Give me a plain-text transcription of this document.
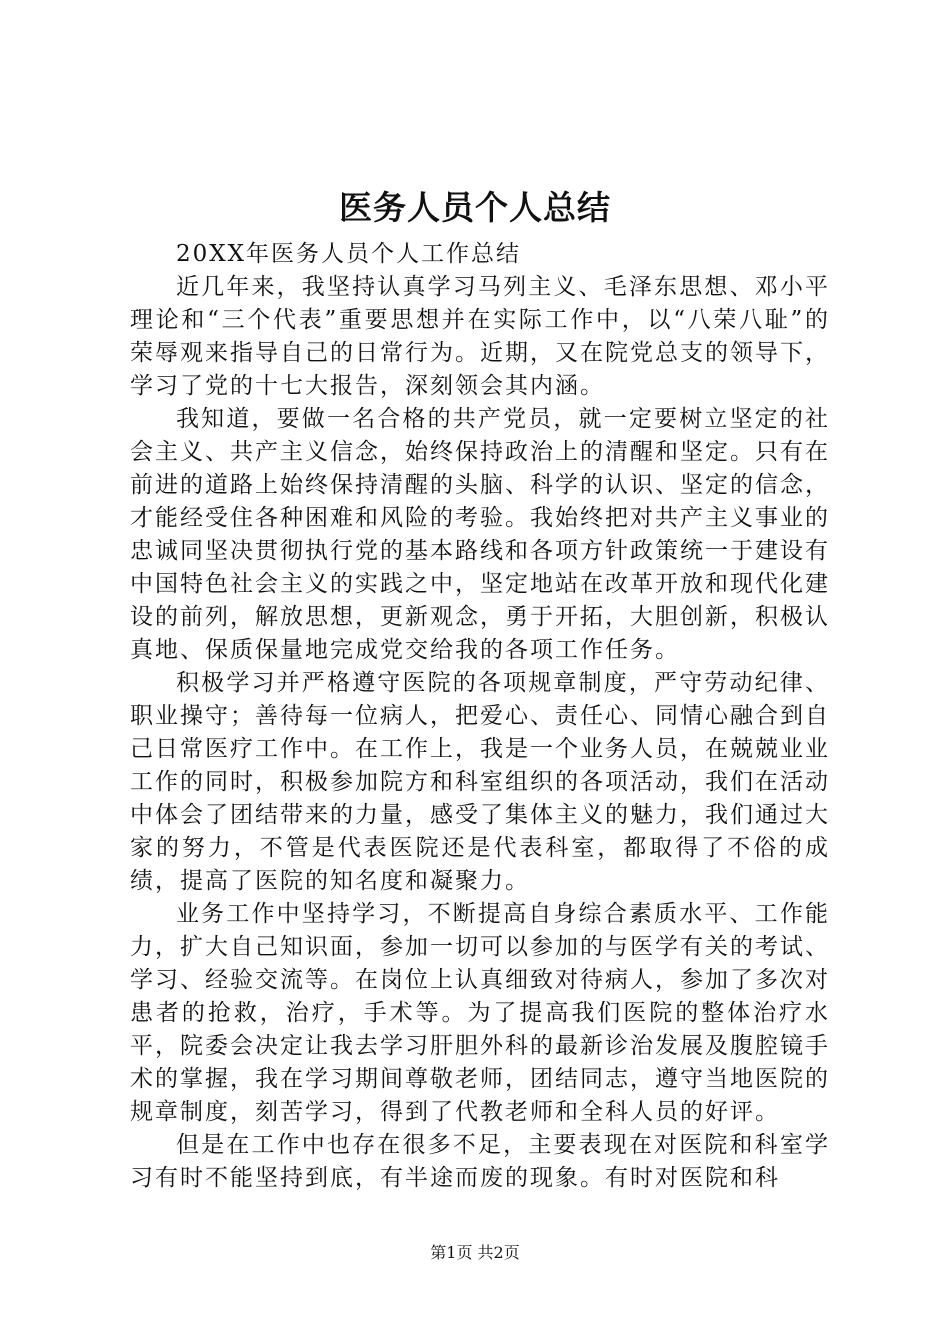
医务人员个人总结

20XX年医务人员个人工作总结

近几年来，我坚持认真学习马列主义、毛泽东思想、邓小平理论和“三个代表”重要思想并在实际工作中，以“八荣八耻”的荣辱观来指导自己的日常行为。近期，又在院党总支的领导下，学习了党的十七大报告，深刻领会其内涵。

我知道，要做一名合格的共产党员，就一定要树立坚定的社会主义、共产主义信念，始终保持政治上的清醒和坚定。只有在前进的道路上始终保持清醒的头脑、科学的认识、坚定的信念，才能经受住各种困难和风险的考验。我始终把对共产主义事业的忠诚同坚决贯彻执行党的基本路线和各项方针政策统一于建设有中国特色社会主义的实践之中，坚定地站在改革开放和现代化建设的前列，解放思想，更新观念，勇于开拓，大胆创新，积极认真地、保质保量地完成党交给我的各项工作任务。

积极学习并严格遵守医院的各项规章制度，严守劳动纪律、职业操守；善待每一位病人，把爱心、责任心、同情心融合到自己日常医疗工作中。在工作上，我是一个业务人员，在兢兢业业工作的同时，积极参加院方和科室组织的各项活动，我们在活动中体会了团结带来的力量，感受了集体主义的魅力，我们通过大家的努力，不管是代表医院还是代表科室，都取得了不俗的成绩，提高了医院的知名度和凝聚力。

业务工作中坚持学习，不断提高自身综合素质水平、工作能力，扩大自己知识面，参加一切可以参加的与医学有关的考试、学习、经验交流等。在岗位上认真细致对待病人，参加了多次对患者的抢救，治疗，手术等。为了提高我们医院的整体治疗水平，院委会决定让我去学习肝胆外科的最新诊治发展及腹腔镜手术的掌握，我在学习期间尊敬老师，团结同志，遵守当地医院的规章制度，刻苦学习，得到了代教老师和全科人员的好评。

但是在工作中也存在很多不足，主要表现在对医院和科室学习有时不能坚持到底，有半途而废的现象。有时对医院和科

第1页 共2页
